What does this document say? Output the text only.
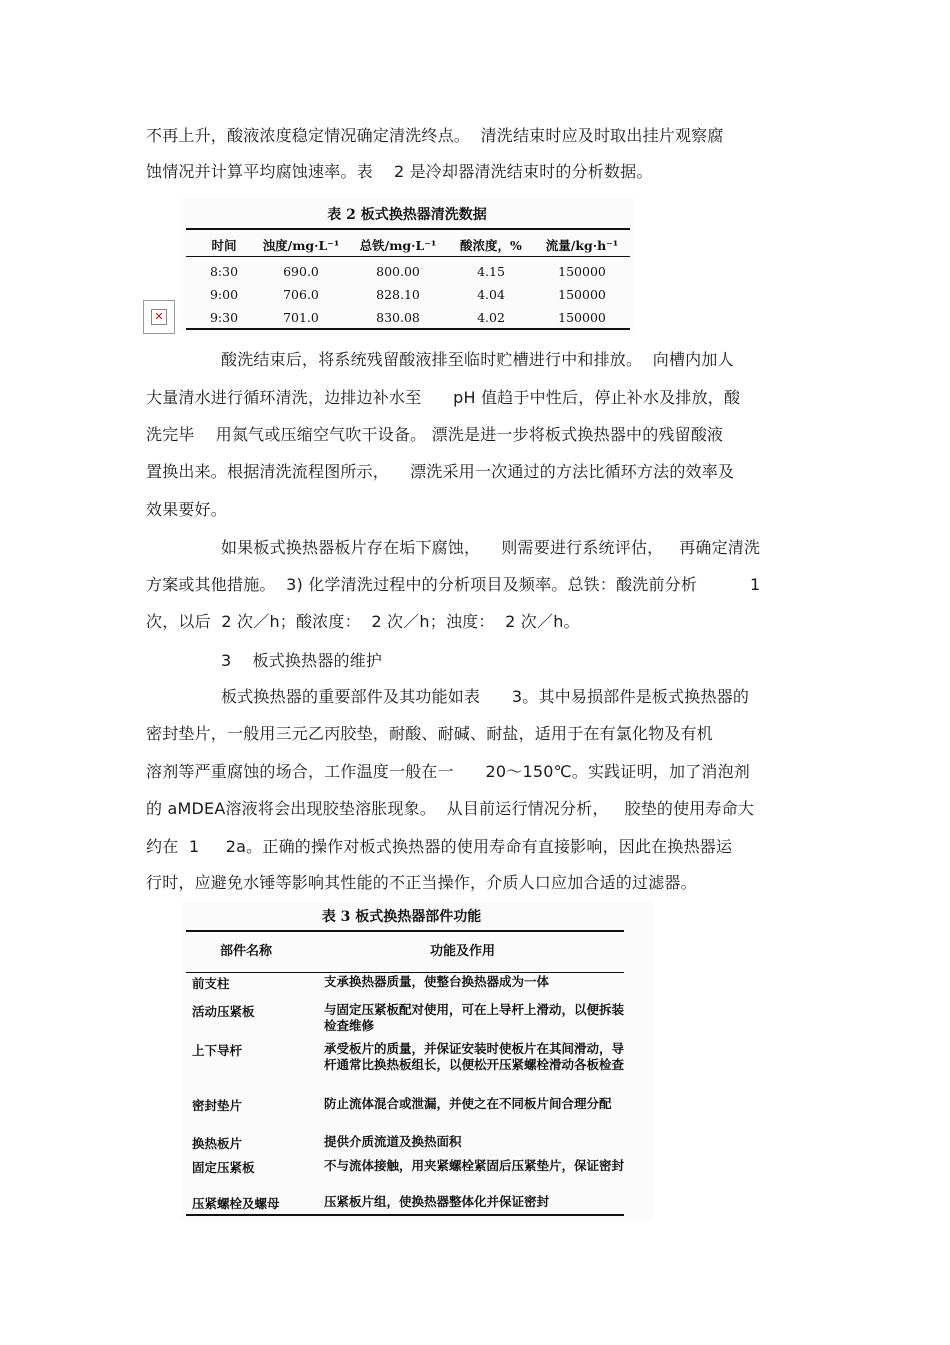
不再上升，酸液浓度稳定情况确定清洗终点。  清洗结束时应及时取出挂片观察腐
蚀情况并计算平均腐蚀速率。表    2 是冷却器清洗结束时的分析数据。
表 2 板式换热器清洗数据
时间	浊度/mg·L⁻¹	总铁/mg·L⁻¹	酸浓度，%	流量/kg·h⁻¹
8:30	690.0	800.00	4.15	150000
9:00	706.0	828.10	4.04	150000
9:30	701.0	830.08	4.02	150000
✕
酸洗结束后，将系统残留酸液排至临时贮槽进行中和排放。  向槽内加人
大量清水进行循环清洗，边排边补水至      pH 值趋于中性后，停止补水及排放，酸
洗完毕    用氮气或压缩空气吹干设备。 漂洗是进一步将板式换热器中的残留酸液
置换出来。根据清洗流程图所示，    漂洗采用一次通过的方法比循环方法的效率及
效果要好。
如果板式换热器板片存在垢下腐蚀，    则需要进行系统评估，   再确定清洗
方案或其他措施。  3) 化学清洗过程中的分析项目及频率。总铁：酸洗前分析          1
次，以后  2 次／h；酸浓度：  2 次／h；浊度：  2 次／h。
3    板式换热器的维护
板式换热器的重要部件及其功能如表      3。其中易损部件是板式换热器的
密封垫片，一般用三元乙丙胶垫，耐酸、耐碱、耐盐，适用于在有氯化物及有机
溶剂等严重腐蚀的场合，工作温度一般在一      20～150℃。实践证明，加了消泡剂
的 aMDEA溶液将会出现胶垫溶胀现象。  从目前运行情况分析，   胶垫的使用寿命大
约在  1     2a。正确的操作对板式换热器的使用寿命有直接影响，因此在换热器运
行时，应避免水锤等影响其性能的不正当操作，介质人口应加合适的过滤器。
表 3 板式换热器部件功能
部件名称	功能及作用
前支柱	支承换热器质量，使整台换热器成为一体
活动压紧板	与固定压紧板配对使用，可在上导杆上滑动，以便拆装检查维修
上下导杆	承受板片的质量，并保证安装时使板片在其间滑动，导杆通常比换热板组长，以便松开压紧螺栓滑动各板检查
密封垫片	防止流体混合或泄漏，并使之在不同板片间合理分配
换热板片	提供介质流道及换热面积
固定压紧板	不与流体接触，用夹紧螺栓紧固后压紧垫片，保证密封
压紧螺栓及螺母	压紧板片组，使换热器整体化并保证密封
